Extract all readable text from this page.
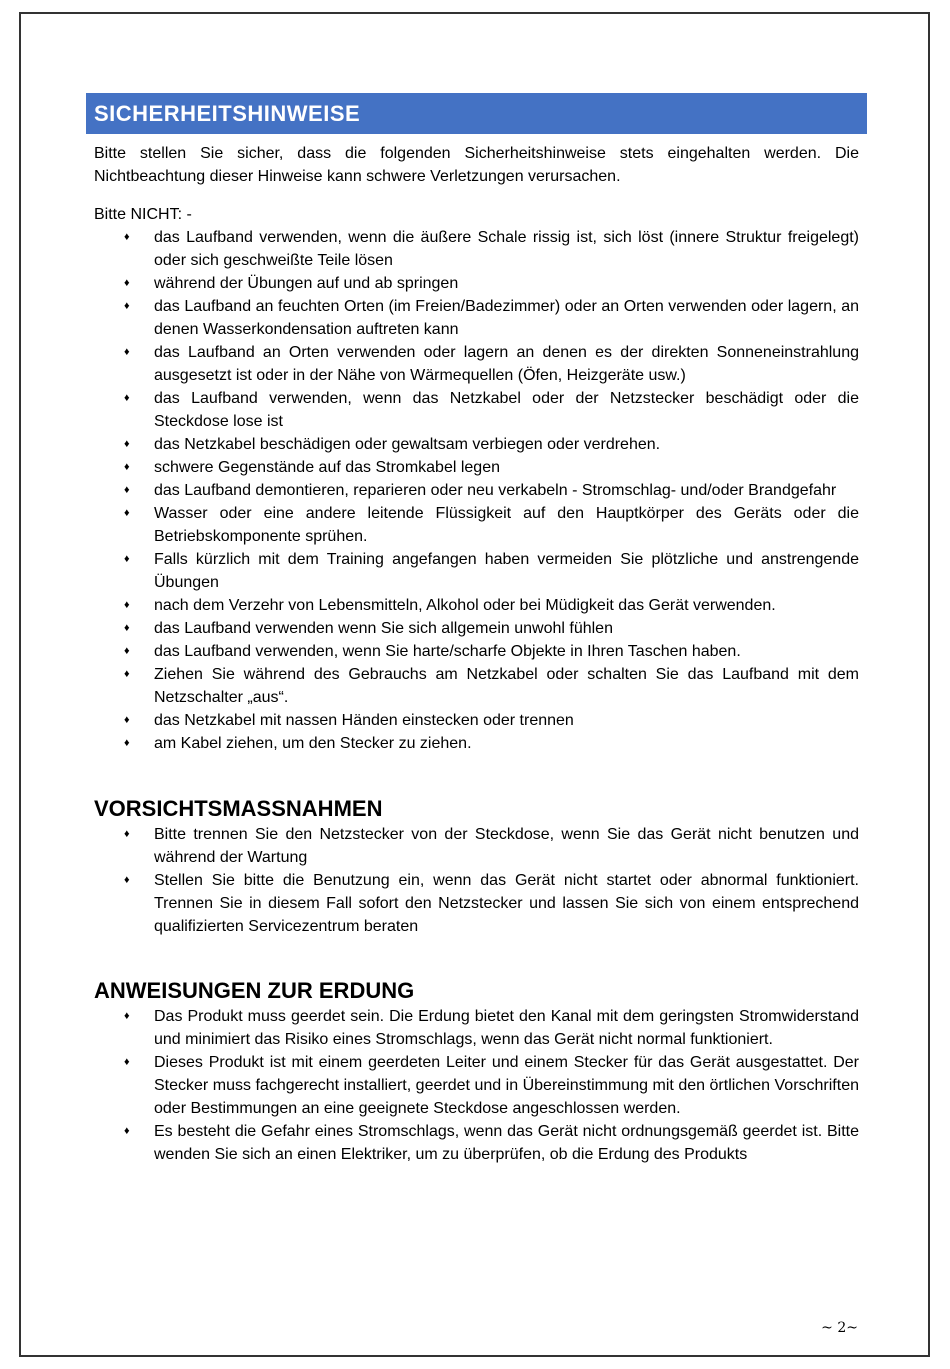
SICHERHEITSHINWEISE

Bitte stellen Sie sicher, dass die folgenden Sicherheitshinweise stets eingehalten werden. Die Nichtbeachtung dieser Hinweise kann schwere Verletzungen verursachen.

Bitte NICHT: -

♦ das Laufband verwenden, wenn die äußere Schale rissig ist, sich löst (innere Struktur freigelegt) oder sich geschweißte Teile lösen
♦ während der Übungen auf und ab springen
♦ das Laufband an feuchten Orten (im Freien/Badezimmer) oder an Orten verwenden oder lagern, an denen Wasserkondensation auftreten kann
♦ das Laufband an Orten verwenden oder lagern an denen es der direkten Sonneneinstrahlung ausgesetzt ist oder in der Nähe von Wärmequellen (Öfen, Heizgeräte usw.)
♦ das Laufband verwenden, wenn das Netzkabel oder der Netzstecker beschädigt oder die Steckdose lose ist
♦ das Netzkabel beschädigen oder gewaltsam verbiegen oder verdrehen.
♦ schwere Gegenstände auf das Stromkabel legen
♦ das Laufband demontieren, reparieren oder neu verkabeln - Stromschlag- und/oder Brandgefahr
♦ Wasser oder eine andere leitende Flüssigkeit auf den Hauptkörper des Geräts oder die Betriebskomponente sprühen.
♦ Falls kürzlich mit dem Training angefangen haben vermeiden Sie plötzliche und anstrengende Übungen
♦ nach dem Verzehr von Lebensmitteln, Alkohol oder bei Müdigkeit das Gerät verwenden.
♦ das Laufband verwenden wenn Sie sich allgemein unwohl fühlen
♦ das Laufband verwenden, wenn Sie harte/scharfe Objekte in Ihren Taschen haben.
♦ Ziehen Sie während des Gebrauchs am Netzkabel oder schalten Sie das Laufband mit dem Netzschalter „aus“.
♦ das Netzkabel mit nassen Händen einstecken oder trennen
♦ am Kabel ziehen, um den Stecker zu ziehen.
VORSICHTSMASSNAHMEN
♦ Bitte trennen Sie den Netzstecker von der Steckdose, wenn Sie das Gerät nicht benutzen und während der Wartung
♦ Stellen Sie bitte die Benutzung ein, wenn das Gerät nicht startet oder abnormal funktioniert. Trennen Sie in diesem Fall sofort den Netzstecker und lassen Sie sich von einem entsprechend qualifizierten Servicezentrum beraten
ANWEISUNGEN ZUR ERDUNG
♦ Das Produkt muss geerdet sein. Die Erdung bietet den Kanal mit dem geringsten Stromwiderstand und minimiert das Risiko eines Stromschlags, wenn das Gerät nicht normal funktioniert.
♦ Dieses Produkt ist mit einem geerdeten Leiter und einem Stecker für das Gerät ausgestattet. Der Stecker muss fachgerecht installiert, geerdet und in Übereinstimmung mit den örtlichen Vorschriften oder Bestimmungen an eine geeignete Steckdose angeschlossen werden.
♦ Es besteht die Gefahr eines Stromschlags, wenn das Gerät nicht ordnungsgemäß geerdet ist. Bitte wenden Sie sich an einen Elektriker, um zu überprüfen, ob die Erdung des Produkts
~ 2~
